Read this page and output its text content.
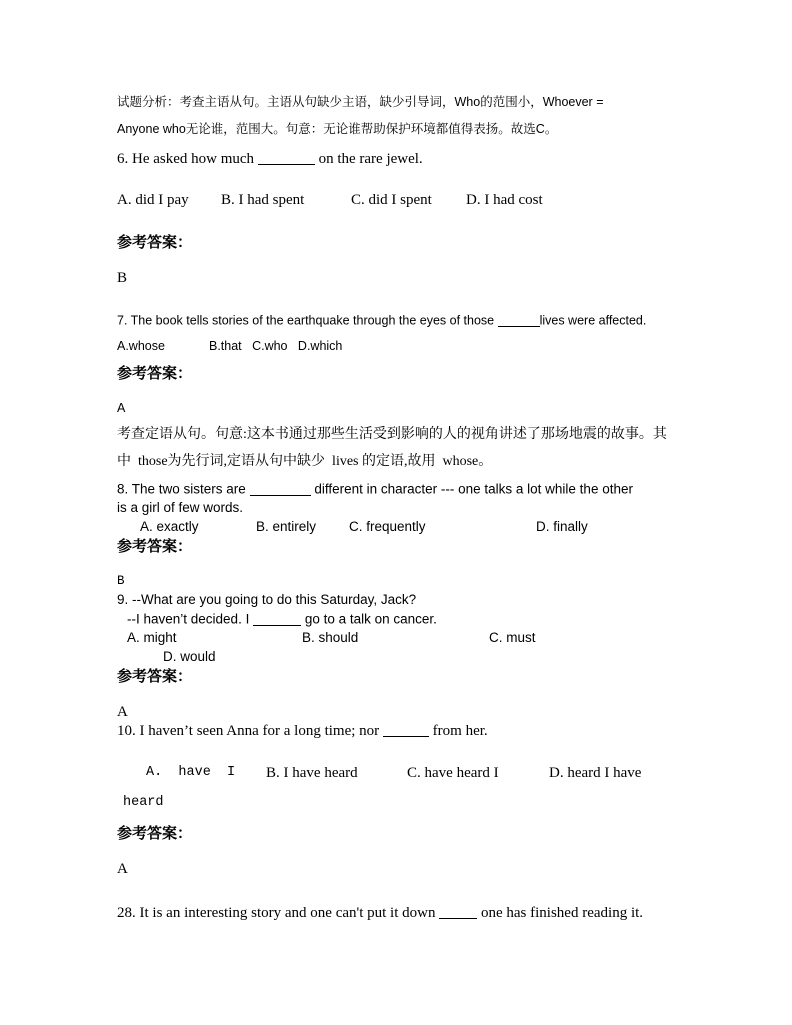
试题分析：考查主语从句。主语从句缺少主语，缺少引导词，Who的范围小，Whoever =
Anyone who无论谁，范围大。句意：无论谁帮助保护环境都值得表扬。故选C。
6. He asked how much	on the rare jewel.
A. did I pay B. I had spent	C. did I spent D. I had cost
参考答案：
B
7. The book tells stories of the earthquake through the eyes of those	lives were affected.
A.whose	B.that   C.who   D.which
参考答案：
A
考查定语从句。句意:这本书通过那些生活受到影响的人的视角讲述了那场地震的故事。其
中  those为先行词,定语从句中缺少  lives 的定语,故用  whose。
8. The two sisters are	different in character --- one talks a lot while the other
is a girl of few words.
A. exactly	B. entirely C. frequently	D. finally
参考答案：
B
9. --What are you going to do this Saturday, Jack?
--I haven’t decided. I	go to a talk on cancer.
A. might	B. should	C. must
D. would
参考答案：
A
10. I haven’t seen Anna for a long time; nor	from her.
A.  have  I B. I have heard	C. have heard I	D. heard I have
heard
参考答案：
A
28. It is an interesting story and one can't put it down	one has finished reading it.
